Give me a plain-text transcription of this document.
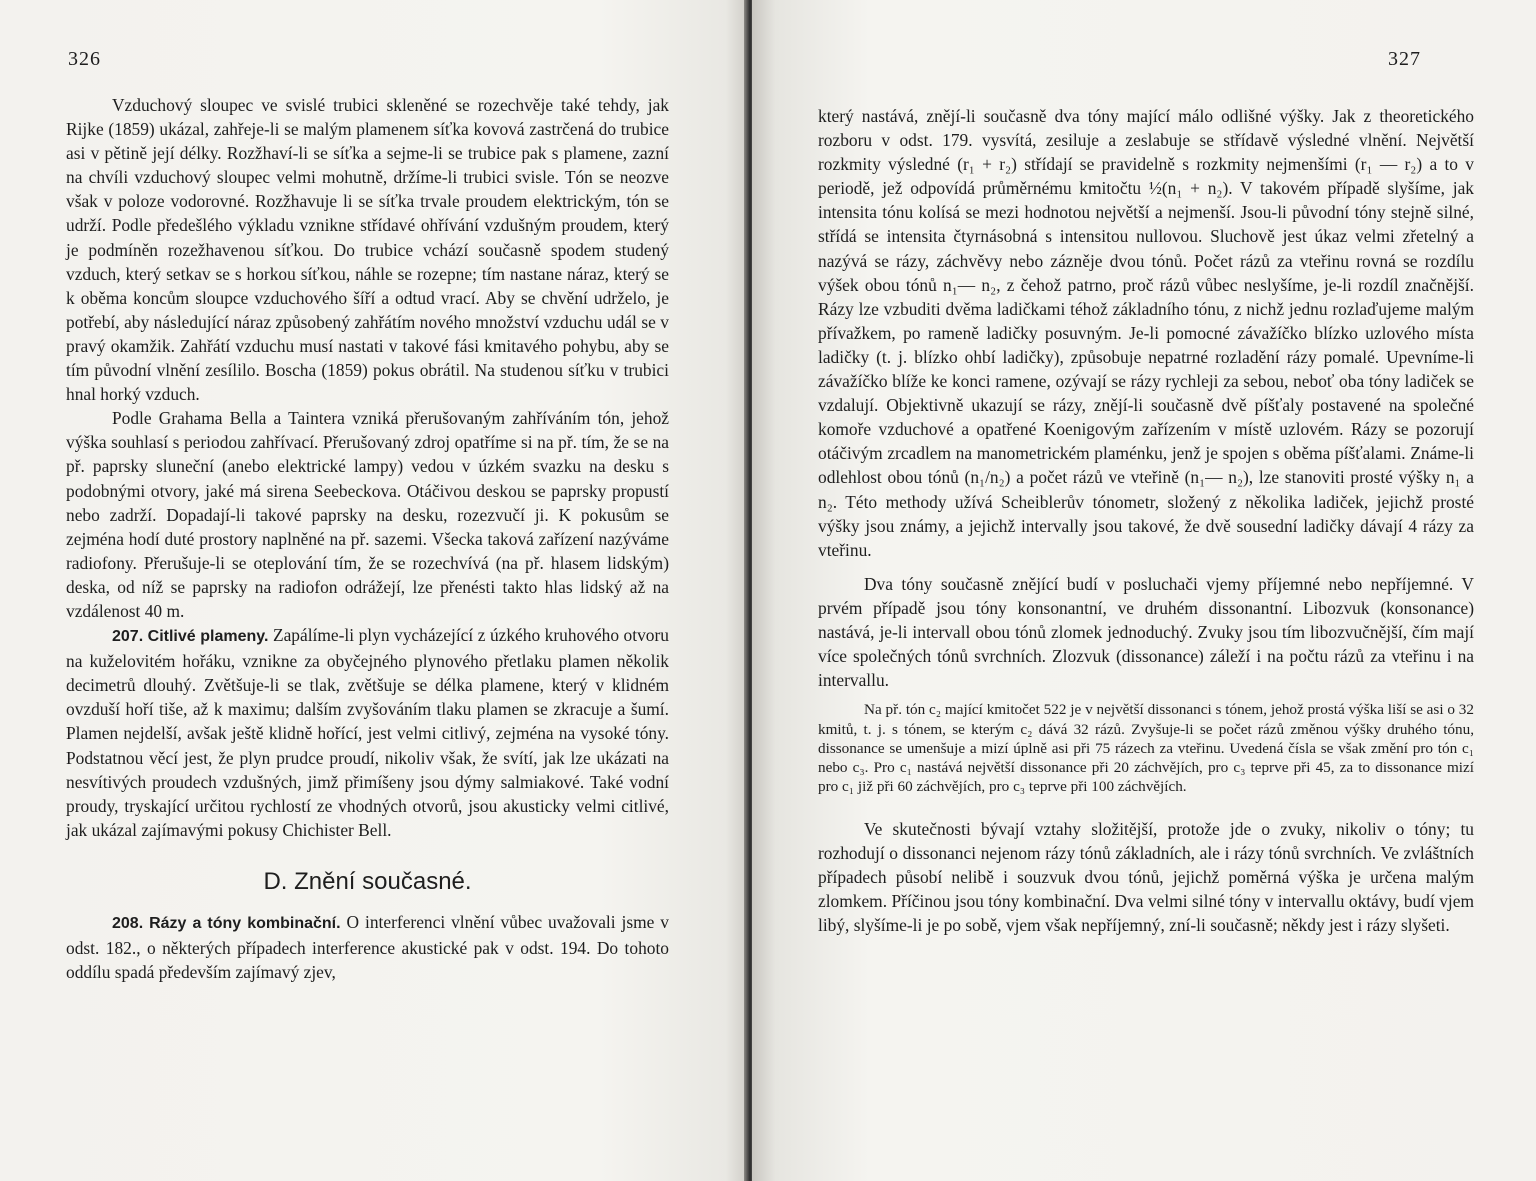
326

Vzduchový sloupec ve svislé trubici skleněné se rozechvěje také tehdy, jak Rijke (1859) ukázal, zahřeje-li se malým plamenem síťka kovová zastrčená do trubice asi v pětině její délky. Rozžhaví-li se síťka a sejme-li se trubice pak s plamene, zazní na chvíli vzduchový sloupec velmi mohutně, držíme-li trubici svisle. Tón se neozve však v poloze vodorovné. Rozžhavuje li se síťka trvale proudem elektrickým, tón se udrží. Podle předešlého výkladu vznikne střídavé ohřívání vzdušným proudem, který je podmíněn rozežhavenou síťkou. Do trubice vchází současně spodem studený vzduch, který setkav se s horkou síťkou, náhle se rozepne; tím nastane náraz, který se k oběma koncům sloupce vzduchového šíří a odtud vrací. Aby se chvění udrželo, je potřebí, aby následující náraz způsobený zahřátím nového množství vzduchu udál se v pravý okamžik. Zahřátí vzduchu musí nastati v takové fási kmitavého pohybu, aby se tím původní vlnění zesílilo. Boscha (1859) pokus obrátil. Na studenou síťku v trubici hnal horký vzduch.

Podle Grahama Bella a Taintera vzniká přerušovaným zahříváním tón, jehož výška souhlasí s periodou zahřívací. Přerušovaný zdroj opatříme si na př. tím, že se na př. paprsky sluneční (anebo elektrické lampy) vedou v úzkém svazku na desku s podobnými otvory, jaké má sirena Seebeckova. Otáčivou deskou se paprsky propustí nebo zadrží. Dopadají-li takové paprsky na desku, rozezvučí ji. K pokusům se zejména hodí duté prostory naplněné na př. sazemi. Všecka taková zařízení nazýváme radiofony. Přerušuje-li se oteplování tím, že se rozechvívá (na př. hlasem lidským) deska, od níž se paprsky na radiofon odrážejí, lze přenésti takto hlas lidský až na vzdálenost 40 m.

207. Citlivé plameny. Zapálíme-li plyn vycházející z úzkého kruhového otvoru na kuželovitém hořáku, vznikne za obyčejného plynového přetlaku plamen několik decimetrů dlouhý. Zvětšuje-li se tlak, zvětšuje se délka plamene, který v klidném ovzduší hoří tiše, až k maximu; dalším zvyšováním tlaku plamen se zkracuje a šumí. Plamen nejdelší, avšak ještě klidně hořící, jest velmi citlivý, zejména na vysoké tóny. Podstatnou věcí jest, že plyn prudce proudí, nikoliv však, že svítí, jak lze ukázati na nesvítivých proudech vzdušných, jimž přimíšeny jsou dýmy salmiakové. Také vodní proudy, tryskající určitou rychlostí ze vhodných otvorů, jsou akusticky velmi citlivé, jak ukázal zajímavými pokusy Chichister Bell.

D. Znění současné.

208. Rázy a tóny kombinační. O interferenci vlnění vůbec uvažovali jsme v odst. 182., o některých případech interference akustické pak v odst. 194. Do tohoto oddílu spadá především zajímavý zjev,

327

který nastává, znějí-li současně dva tóny mající málo odlišné výšky. Jak z theoretického rozboru v odst. 179. vysvítá, zesiluje a zeslabuje se střídavě výsledné vlnění. Největší rozkmity výsledné (r₁ + r₂) střídají se pravidelně s rozkmity nejmenšími (r₁ — r₂) a to v periodě, jež odpovídá průměrnému kmitočtu ½(n₁ + n₂). V takovém případě slyšíme, jak intensita tónu kolísá se mezi hodnotou největší a nejmenší. Jsou-li původní tóny stejně silné, střídá se intensita čtyrnásobná s intensitou nullovou. Sluchově jest úkaz velmi zřetelný a nazývá se rázy, záchvěvy nebo zázněje dvou tónů. Počet rázů za vteřinu rovná se rozdílu výšek obou tónů n₁— n₂, z čehož patrno, proč rázů vůbec neslyšíme, je-li rozdíl značnější. Rázy lze vzbuditi dvěma ladičkami téhož základního tónu, z nichž jednu rozlaďujeme malým přívažkem, po rameně ladičky posuvným. Je-li pomocné závažíčko blízko uzlového místa ladičky (t. j. blízko ohbí ladičky), způsobuje nepatrné rozladění rázy pomalé. Upevníme-li závažíčko blíže ke konci ramene, ozývají se rázy rychleji za sebou, neboť oba tóny ladiček se vzdalují. Objektivně ukazují se rázy, znějí-li současně dvě píšťaly postavené na společné komoře vzduchové a opatřené Koenigovým zařízením v místě uzlovém. Rázy se pozorují otáčivým zrcadlem na manometrickém plaménku, jenž je spojen s oběma píšťalami. Známe-li odlehlost obou tónů (n₁/n₂) a počet rázů ve vteřině (n₁— n₂), lze stanoviti prosté výšky n₁ a n₂. Této methody užívá Scheiblerův tónometr, složený z několika ladiček, jejichž prosté výšky jsou známy, a jejichž intervally jsou takové, že dvě sousední ladičky dávají 4 rázy za vteřinu.

Dva tóny současně znějící budí v posluchači vjemy příjemné nebo nepříjemné. V prvém případě jsou tóny konsonantní, ve druhém dissonantní. Libozvuk (konsonance) nastává, je-li intervall obou tónů zlomek jednoduchý. Zvuky jsou tím libozvučnější, čím mají více společných tónů svrchních. Zlozvuk (dissonance) záleží i na počtu rázů za vteřinu i na intervallu.

Na př. tón c₂ mající kmitočet 522 je v největší dissonanci s tónem, jehož prostá výška liší se asi o 32 kmitů, t. j. s tónem, se kterým c₂ dává 32 rázů. Zvyšuje-li se počet rázů změnou výšky druhého tónu, dissonance se umenšuje a mizí úplně asi při 75 rázech za vteřinu. Uvedená čísla se však změní pro tón c₁ nebo c₃. Pro c₁ nastává největší dissonance při 20 záchvějích, pro c₃ teprve při 45, za to dissonance mizí pro c₁ již při 60 záchvějích, pro c₃ teprve při 100 záchvějích.

Ve skutečnosti bývají vztahy složitější, protože jde o zvuky, nikoliv o tóny; tu rozhodují o dissonanci nejenom rázy tónů základních, ale i rázy tónů svrchních. Ve zvláštních případech působí nelibě i souzvuk dvou tónů, jejichž poměrná výška je určena malým zlomkem. Příčinou jsou tóny kombinační. Dva velmi silné tóny v intervallu oktávy, budí vjem libý, slyšíme-li je po sobě, vjem však nepříjemný, zní-li současně; někdy jest i rázy slyšeti.
